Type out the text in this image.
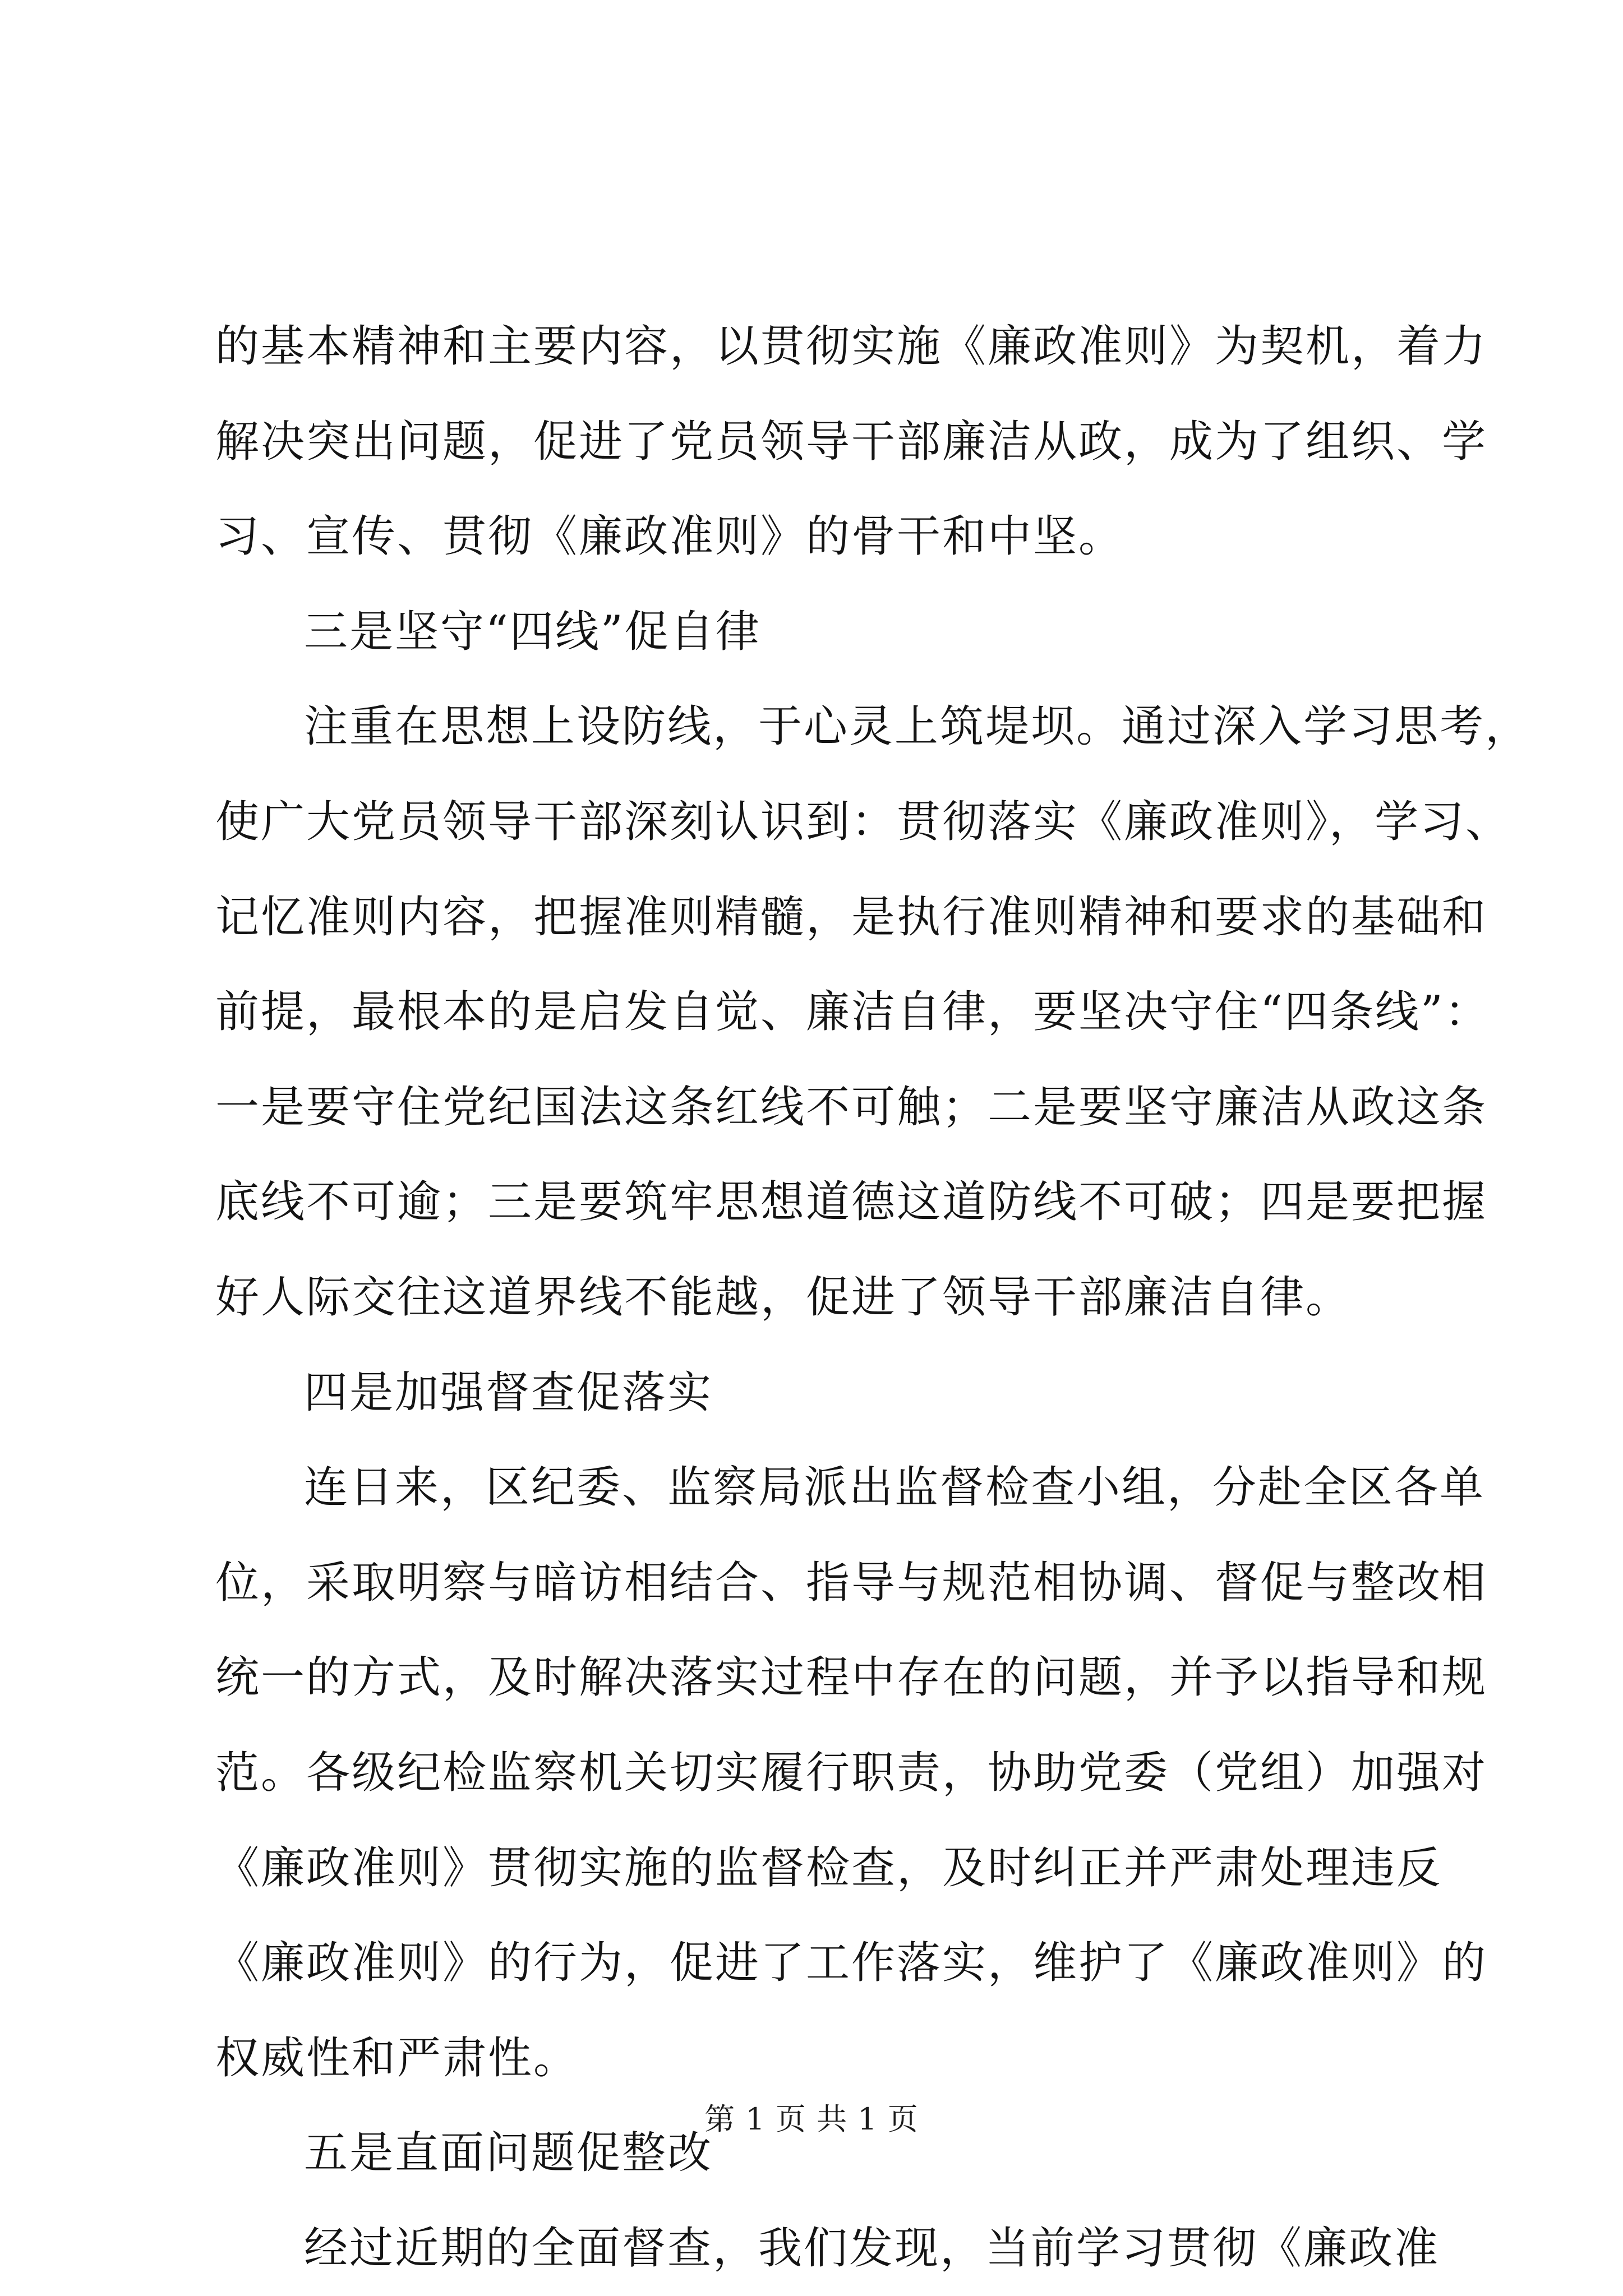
的基本精神和主要内容，以贯彻实施《廉政准则》为契机，着力
解决突出问题，促进了党员领导干部廉洁从政，成为了组织、学
习、宣传、贯彻《廉政准则》的骨干和中坚。
三是坚守“四线”促自律
注重在思想上设防线，于心灵上筑堤坝。通过深入学习思考，
使广大党员领导干部深刻认识到：贯彻落实《廉政准则》，学习、
记忆准则内容，把握准则精髓，是执行准则精神和要求的基础和
前提，最根本的是启发自觉、廉洁自律，要坚决守住“四条线”：
一是要守住党纪国法这条红线不可触；二是要坚守廉洁从政这条
底线不可逾；三是要筑牢思想道德这道防线不可破；四是要把握
好人际交往这道界线不能越，促进了领导干部廉洁自律。
四是加强督查促落实
连日来，区纪委、监察局派出监督检查小组，分赴全区各单
位，采取明察与暗访相结合、指导与规范相协调、督促与整改相
统一的方式，及时解决落实过程中存在的问题，并予以指导和规
范。各级纪检监察机关切实履行职责，协助党委（党组）加强对
《廉政准则》贯彻实施的监督检查，及时纠正并严肃处理违反
《廉政准则》的行为，促进了工作落实，维护了《廉政准则》的
权威性和严肃性。
五是直面问题促整改
经过近期的全面督查，我们发现，当前学习贯彻《廉政准
第 1 页 共 1 页
